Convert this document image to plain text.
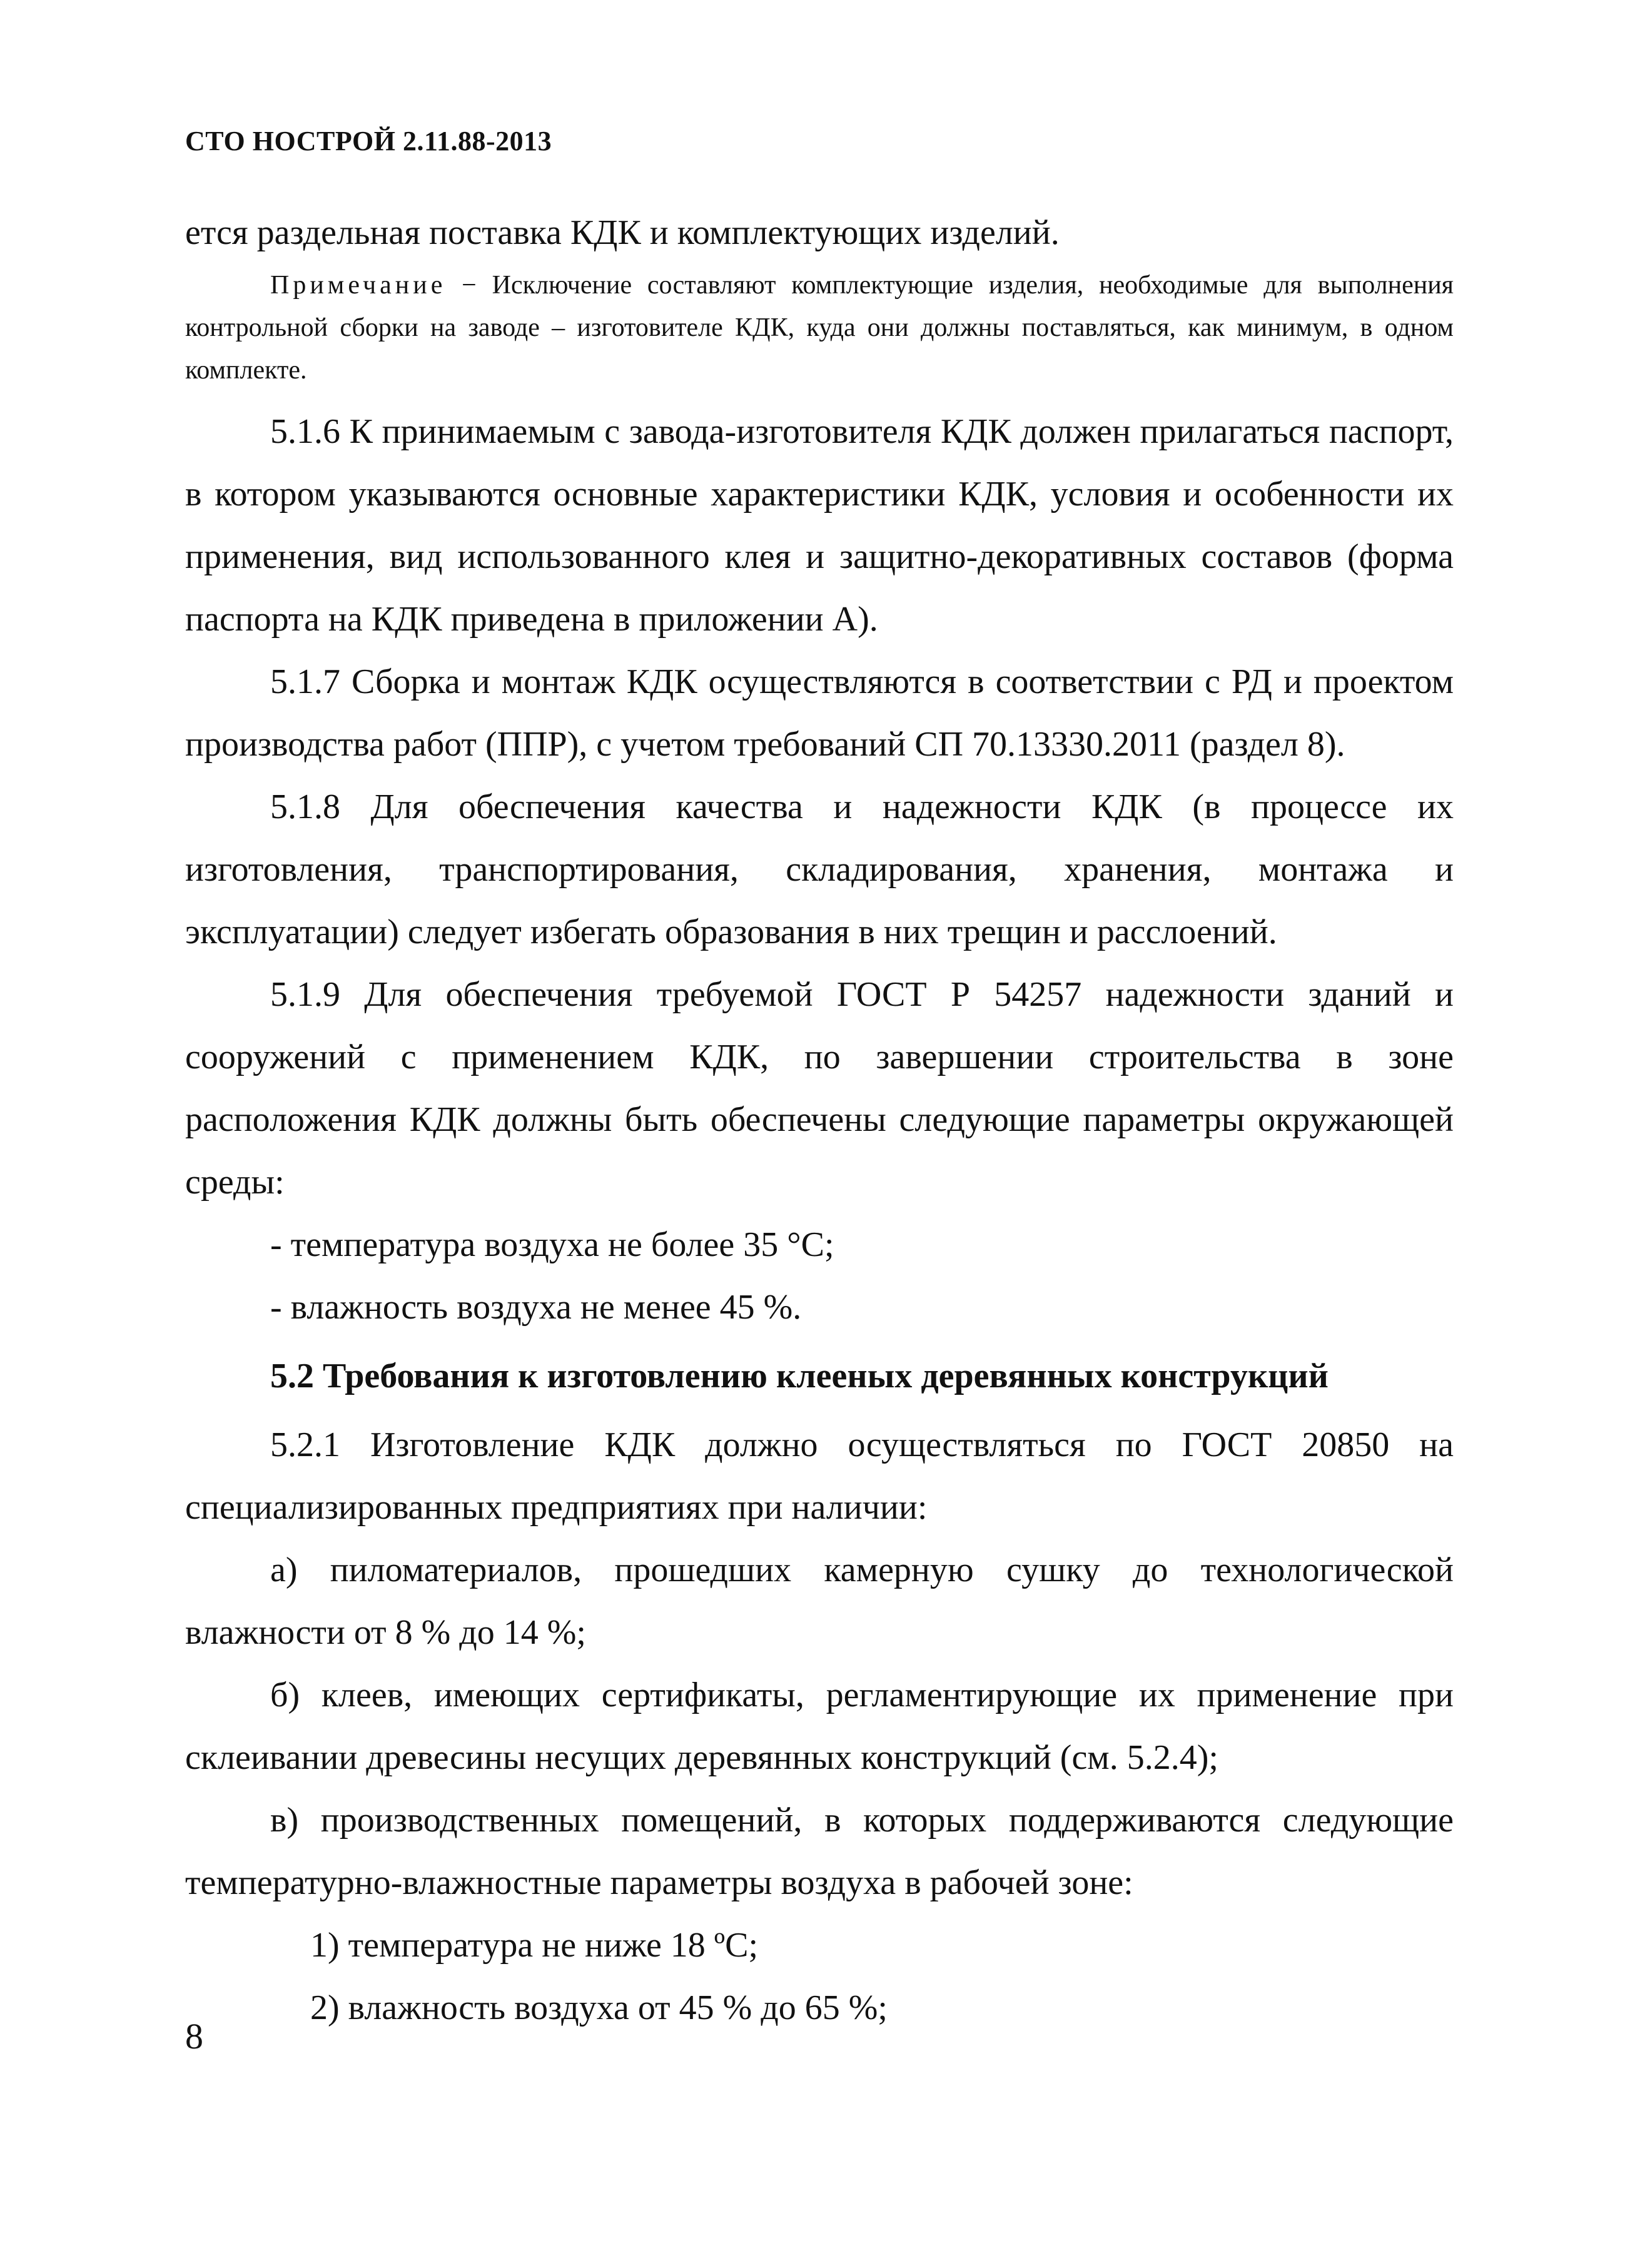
СТО НОСТРОЙ 2.11.88-2013

ется раздельная поставка КДК и комплектующих изделий.

Примечание − Исключение составляют комплектующие изделия, необходимые для выполнения контрольной сборки на заводе – изготовителе КДК, куда они должны поставляться, как минимум, в одном комплекте.

5.1.6 К принимаемым с завода-изготовителя КДК должен прилагаться паспорт, в котором указываются основные характеристики КДК, условия и особенности их применения, вид использованного клея и защитно-декоративных составов (форма паспорта на КДК приведена в приложении А).

5.1.7 Сборка и монтаж КДК осуществляются в соответствии с РД и проектом производства работ (ППР), с учетом требований СП 70.13330.2011 (раздел 8).

5.1.8 Для обеспечения качества и надежности КДК (в процессе их изготовления, транспортирования, складирования, хранения, монтажа и эксплуатации) следует избегать образования в них трещин и расслоений.

5.1.9 Для обеспечения требуемой ГОСТ Р 54257 надежности зданий и сооружений с применением КДК, по завершении строительства в зоне расположения КДК должны быть обеспечены следующие параметры окружающей среды:

- температура воздуха не более 35 °С;

- влажность воздуха не менее 45 %.

5.2 Требования к изготовлению клееных деревянных конструкций

5.2.1 Изготовление КДК должно осуществляться по ГОСТ 20850 на специализированных предприятиях при наличии:

а) пиломатериалов, прошедших камерную сушку до технологической влажности от 8 % до 14 %;

б) клеев, имеющих сертификаты, регламентирующие их применение при склеивании древесины несущих деревянных конструкций (см. 5.2.4);

в) производственных помещений, в которых поддерживаются следующие температурно-влажностные параметры воздуха в рабочей зоне:

1) температура не ниже 18 ºС;

2) влажность воздуха от 45 % до 65 %;

8
